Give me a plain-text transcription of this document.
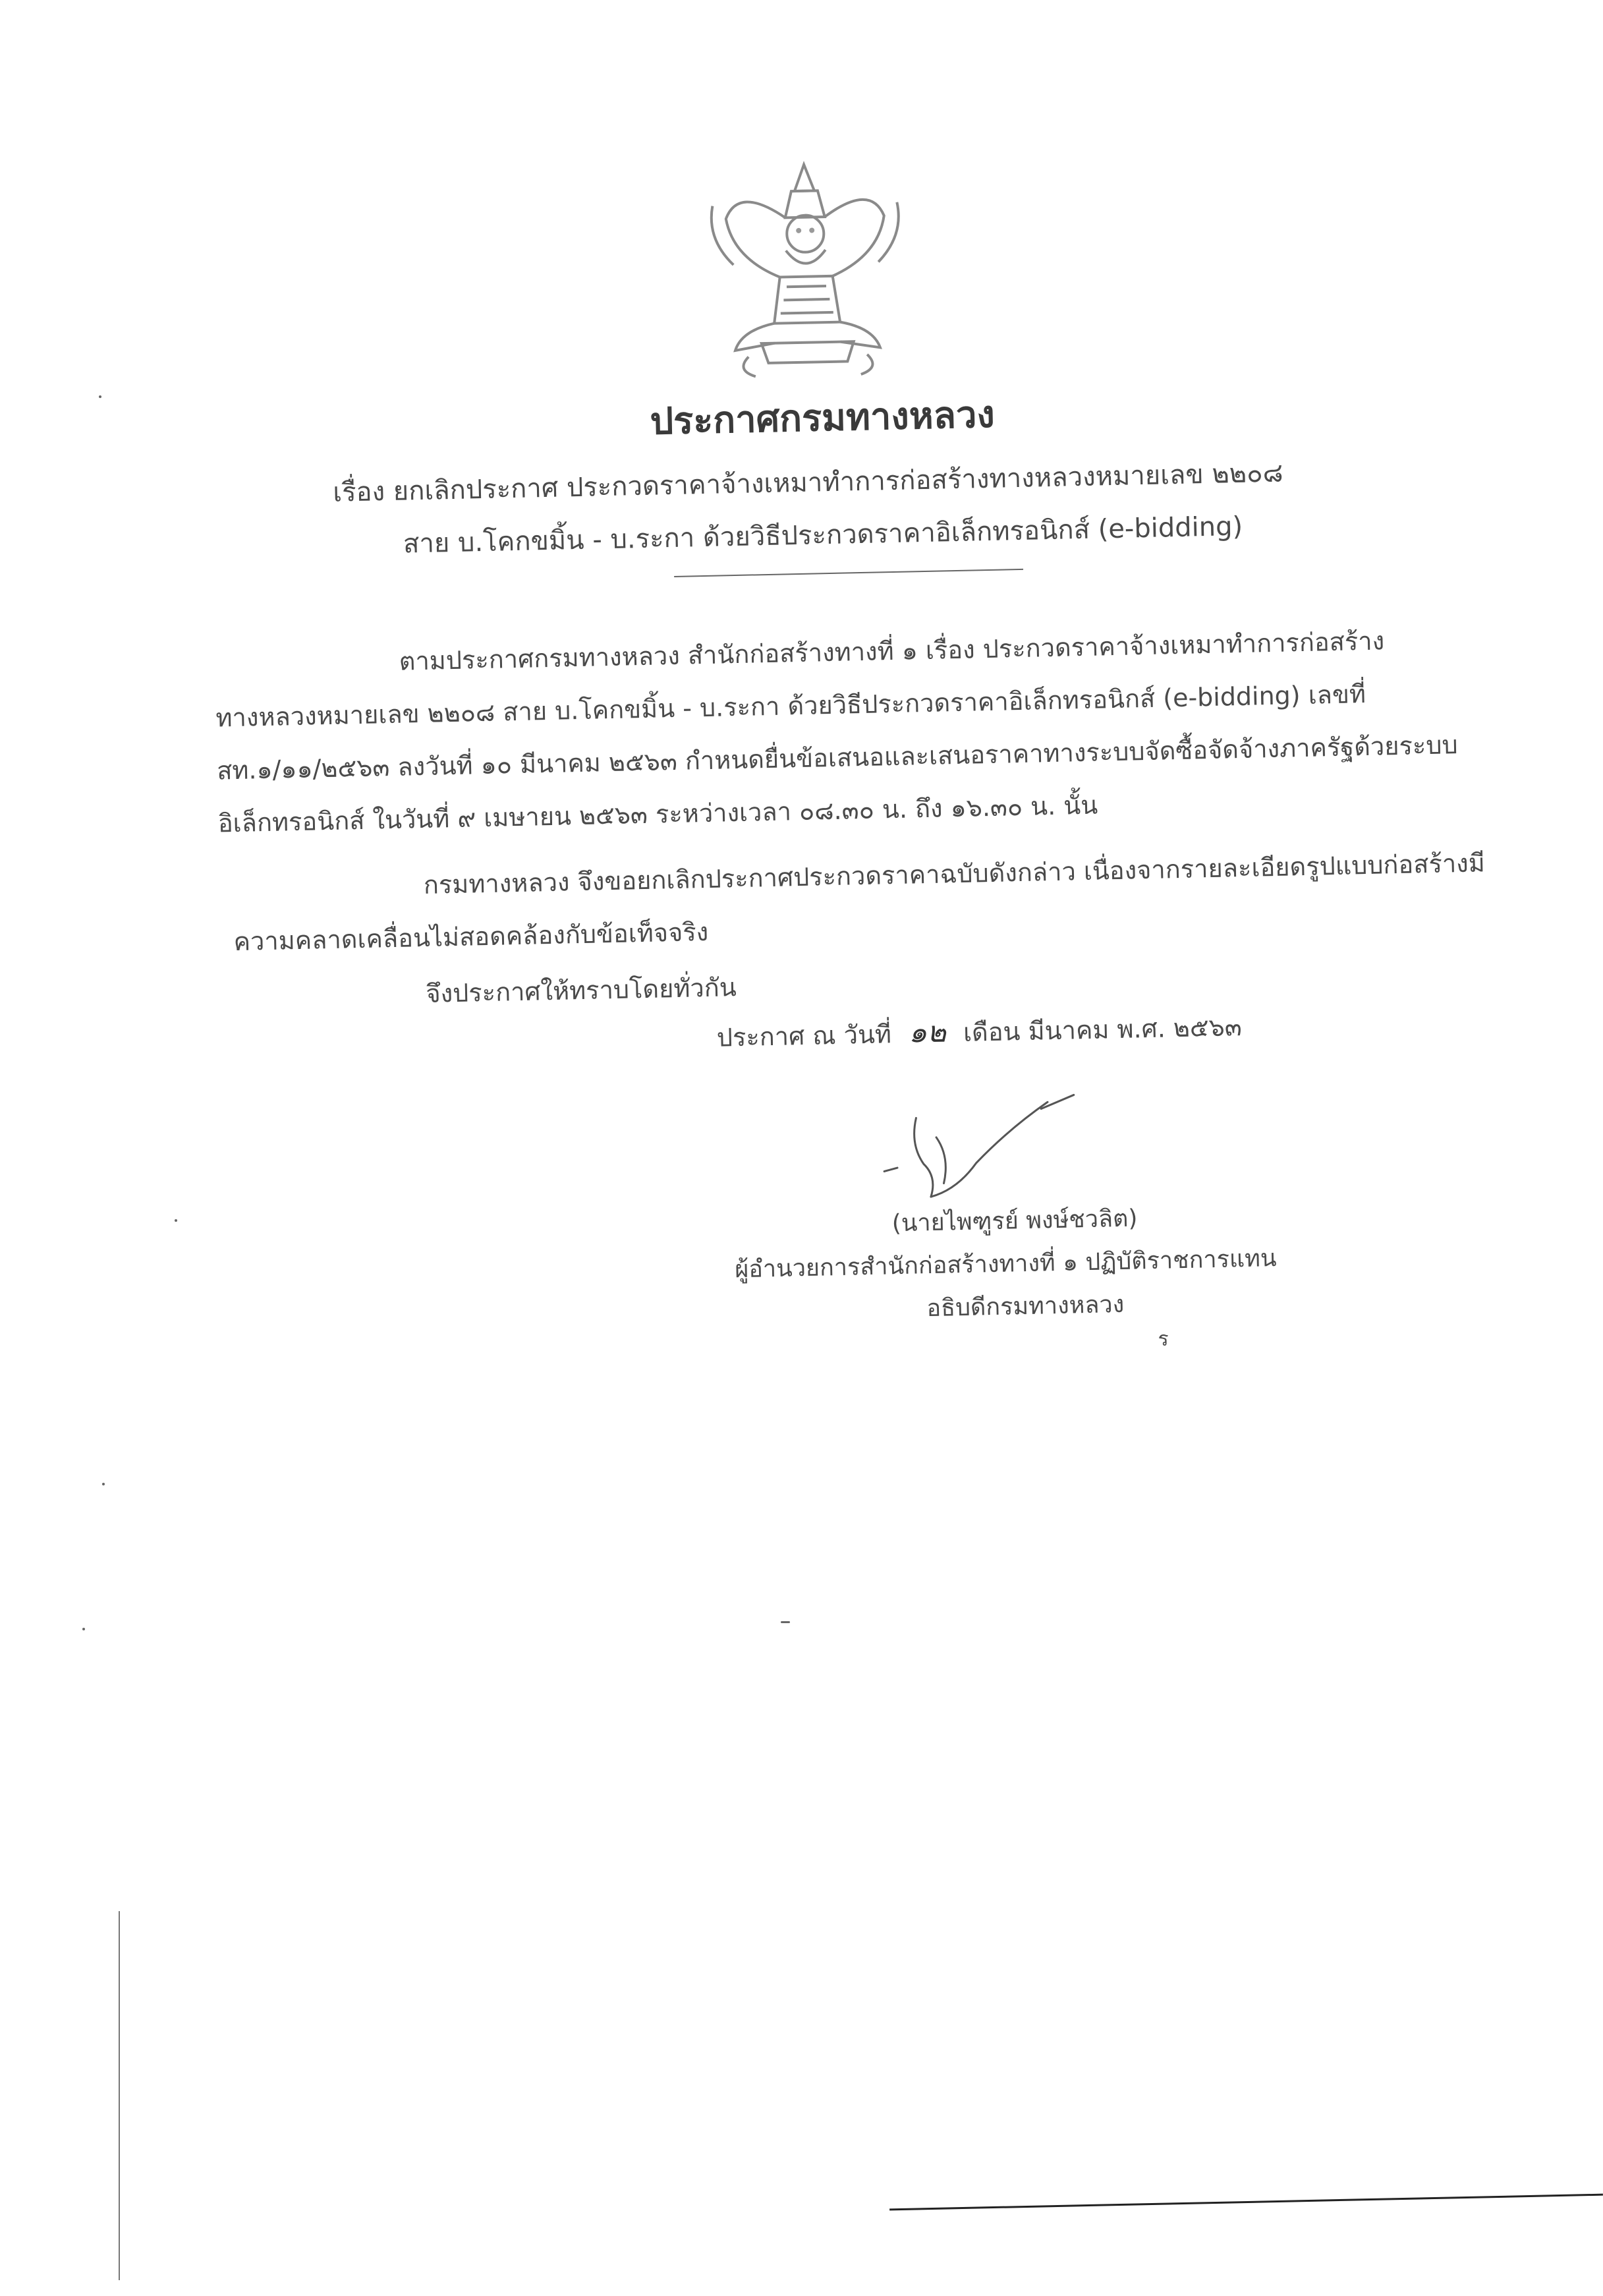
ประกาศกรมทางหลวง
เรื่อง ยกเลิกประกาศ ประกวดราคาจ้างเหมาทำการก่อสร้างทางหลวงหมายเลข ๒๒๐๘
สาย บ.โคกขมิ้น - บ.ระกา ด้วยวิธีประกวดราคาอิเล็กทรอนิกส์ (e-bidding)
ตามประกาศกรมทางหลวง สำนักก่อสร้างทางที่ ๑ เรื่อง ประกวดราคาจ้างเหมาทำการก่อสร้าง
ทางหลวงหมายเลข ๒๒๐๘ สาย บ.โคกขมิ้น - บ.ระกา ด้วยวิธีประกวดราคาอิเล็กทรอนิกส์ (e-bidding) เลขที่
สท.๑/๑๑/๒๕๖๓ ลงวันที่ ๑๐ มีนาคม ๒๕๖๓ กำหนดยื่นข้อเสนอและเสนอราคาทางระบบจัดซื้อจัดจ้างภาครัฐด้วยระบบ
อิเล็กทรอนิกส์ ในวันที่ ๙ เมษายน ๒๕๖๓ ระหว่างเวลา ๐๘.๓๐ น. ถึง ๑๖.๓๐ น. นั้น
กรมทางหลวง จึงขอยกเลิกประกาศประกวดราคาฉบับดังกล่าว เนื่องจากรายละเอียดรูปแบบก่อสร้างมี
ความคลาดเคลื่อนไม่สอดคล้องกับข้อเท็จจริง
จึงประกาศให้ทราบโดยทั่วกัน
ประกาศ ณ วันที่ ๑๒ เดือน มีนาคม พ.ศ. ๒๕๖๓
(นายไพฑูรย์ พงษ์ชวลิต)
ผู้อำนวยการสำนักก่อสร้างทางที่ ๑ ปฏิบัติราชการแทน
อธิบดีกรมทางหลวง
ร
